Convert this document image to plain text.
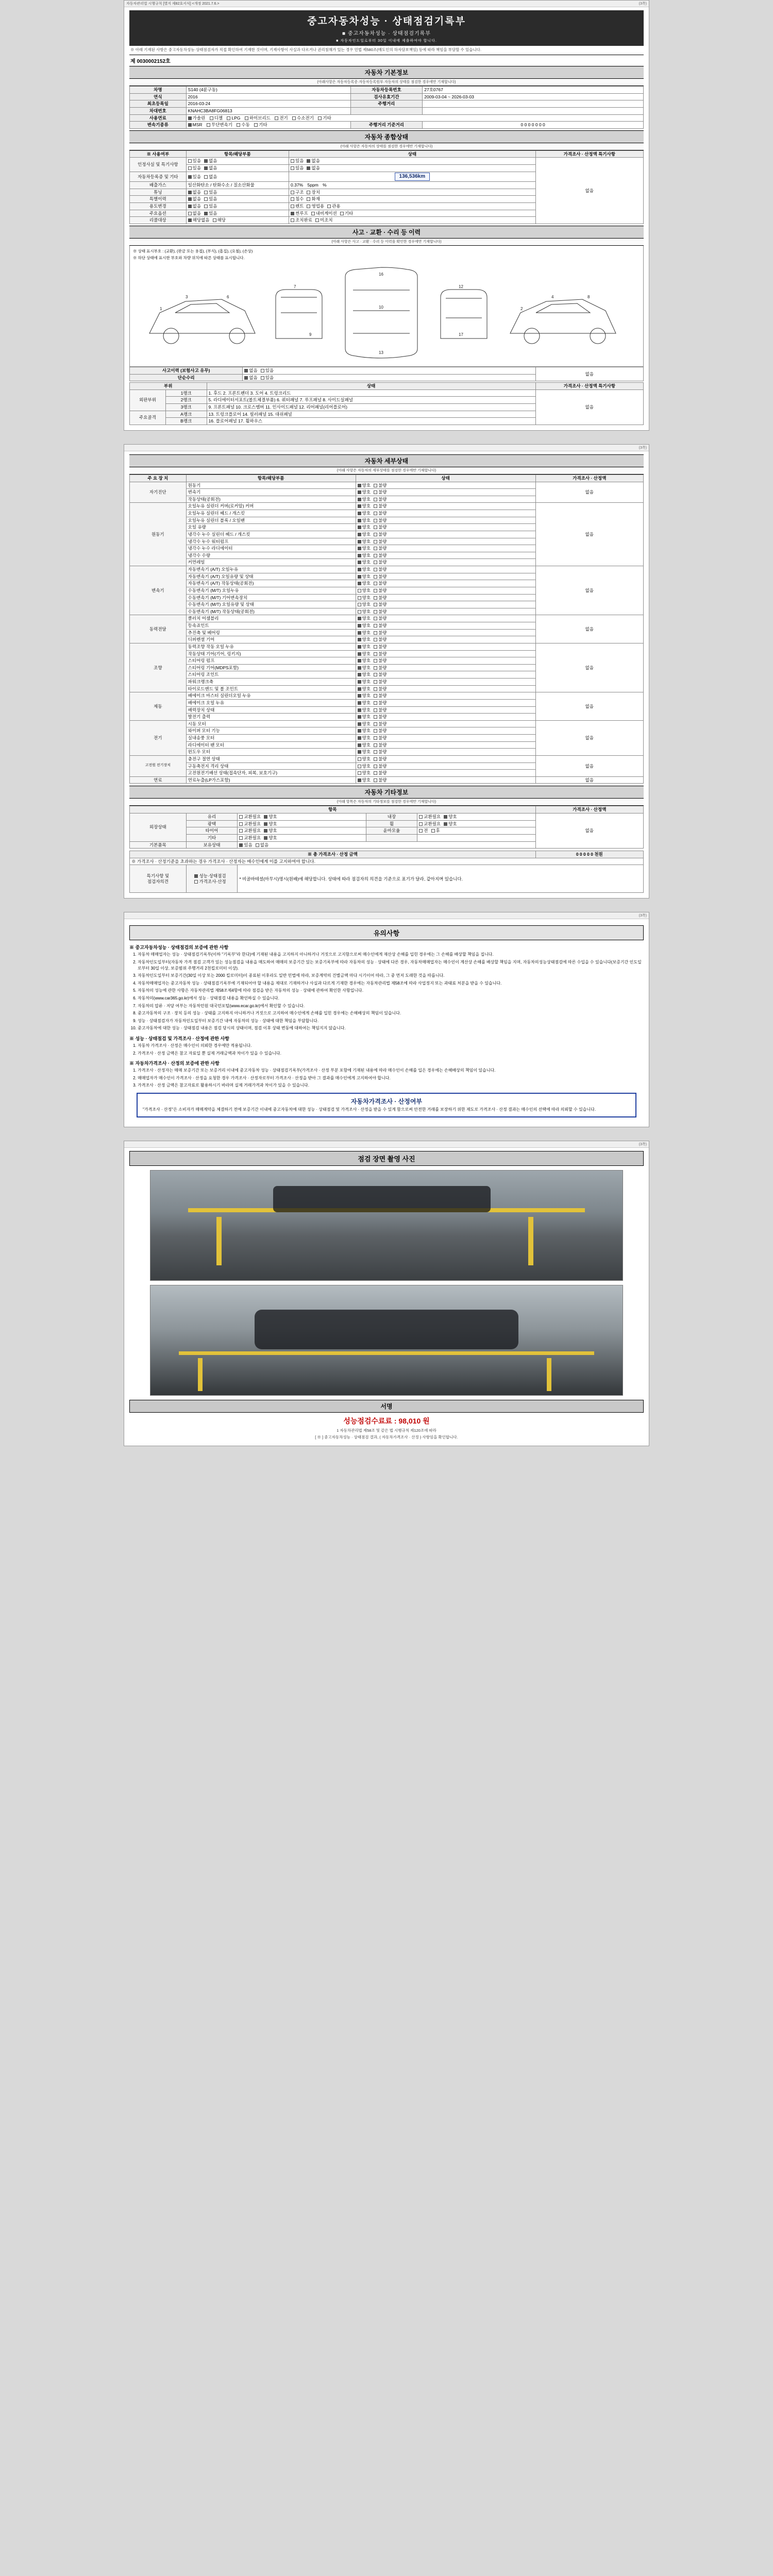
자동차관리법 시행규칙 [별지 제82호서식] <개정 2021.7.6.>	(3쪽)
중고자동차성능 · 상태점검기록부
■ 중고자동차성능 · 상태점검기록부
■ 자동차인도일로부터 30일 이내에 제출하여야 합니다.
※ 아래 기재된 사항은 중고자동차성능·상태점검자가 직접 확인하여 기재한 것이며, 기재사항이 사실과 다르거나 권리침해가 있는 경우 민법 제580조(매도인의 하자담보책임) 등에 따라 책임을 부담할 수 있습니다.
제 0030002152호
자동차 기본정보
(아래사항은 자동차등록증·자동차등록원부·자동차의 상태를 점검한 경우에만 기재합니다)
차명	S140 (4륜구동)	자동차등록번호	27호0767
연식	2016	검사유효기간	2009-03-04 ~ 2026-03-03
최초등록일	2016-03-24	주행거리	
차대번호	KNAHC3BA8FG06813		
사용연료	가솔린 디젤 LPG 하이브리드 전기 수소전기 기타		
변속기종류	MSR 무단변속기 수동 기타	주행거리 기준거리	0 0 0 0 0 0 0
자동차 종합상태
(아래 사항은 자동차의 상태를 점검한 경우에만 기재합니다)
※ 사용여부	항목/해당부품	상태	가격조사 · 산정액 특기사항
인정사실 및 특기사항	있음 없음	있음 없음	없음
	있음 없음	있음 없음	
자동차등록증 및 기타	있음 없음	136,536km	
배출가스	일산화탄소 / 탄화수소 / 질소산화물	0.37% 5ppm %	
튜닝	없음 있음	구조 장치	
특별이력	없음 있음	침수 화재	
용도변경	없음 있음	렌트 영업용 관용	
주요옵션	없음 있음	썬루프 내비게이션 기타	
리콜대상	해당없음 해당	조치완료 미조치	
사고 · 교환 · 수리 등 이력
(아래 사항은 사고 · 교환 · 수리 등 이력을 확인한 경우에만 기재합니다)
※ 상태 표시부호 : (교환), (판금 또는 용접), (부식), (흠집), (요철), (손상)
※ 하단 상태에 표시한 부호와 차량 위치에 따른 상태를 표시합니다.
1
3	6
7
9
16
10
13
12
17
2
4	8
사고이력 (보험사고 유무)	없음 있음	없음
단순수리	없음 있음	
부위		상태	가격조사 · 산정액 특기사항
외판부위	1랭크	1. 후드 2. 프론트펜더 3. 도어 4. 트렁크리드	없음
	2랭크	5. 라디에이터서포트(볼트체결부품) 6. 쿼터패널 7. 루프패널 8. 사이드실패널	
	3랭크	9. 프론트패널 10. 크로스멤버 11. 인사이드패널 12. 리어패널(리어플로어)	
주요골격	A랭크	13. 트렁크플로어 14. 필러패널 15. 대쉬패널	
	B랭크	16. 플로어패널 17. 휠하우스	
(3쪽)
자동차 세부상태
(아래 사항은 자동차의 세부상태를 점검한 경우에만 기재합니다)
주 요 장 치	항목/해당부품	상태	가격조사 · 산정액
자기진단	원동기	양호 불량	없음
	변속기	양호 불량	
	작동상태(공회전)	양호 불량	
원동기	오일누유 실린더 커버(로커암) 커버	양호 불량	없음
	오일누유 실린더 헤드 / 개스킷	양호 불량	
	오일누유 실린더 블록 / 오일팬	양호 불량	
	오일 유량	양호 불량	
	냉각수 누수 실린더 헤드 / 개스킷	양호 불량	
	냉각수 누수 워터펌프	양호 불량	
	냉각수 누수 라디에이터	양호 불량	
	냉각수 수량	양호 불량	
	커먼레일	양호 불량	
변속기	자동변속기 (A/T) 오일누유	양호 불량	없음
	자동변속기 (A/T) 오일유량 및 상태	양호 불량	
	자동변속기 (A/T) 작동상태(공회전)	양호 불량	
	수동변속기 (M/T) 오일누유	양호 불량	
	수동변속기 (M/T) 기어변속장치	양호 불량	
	수동변속기 (M/T) 오일유량 및 상태	양호 불량	
	수동변속기 (M/T) 작동상태(공회전)	양호 불량	
동력전달	클러치 어셈블리	양호 불량	없음
	등속죠인트	양호 불량	
	추진축 및 베어링	양호 불량	
	디퍼렌셜 기어	양호 불량	
조향	동력조향 작동 오일 누유	양호 불량	없음
	작동상태 기어(기어, 링키지)	양호 불량	
	스티어링 펌프	양호 불량	
	스티어링 기어(MDPS포함)	양호 불량	
	스티어링 조인트	양호 불량	
	파워크랭크축	양호 불량	
	타이로드엔드 및 볼 조인트	양호 불량	
제동	배에이크 마스터 실린더오일 누유	양호 불량	없음
	배에이크 오일 누유	양호 불량	
	배력장치 상태	양호 불량	
	발전기 출력	양호 불량	
전기	시동 모터	양호 불량	없음
	와이퍼 모터 기능	양호 불량	
	실내송풍 모터	양호 불량	
	라디에이터 팬 모터	양호 불량	
	윈도우 모터	양호 불량	
고전원 전기장치	충전구 절연 상태	양호 불량	없음
	구동축전지 격리 상태	양호 불량	
	고전원전기배선 상태(접속단자, 피복, 보호기구)	양호 불량	
연료	연료누출(LP가스포함)	양호 불량	없음
자동차 기타정보
(아래 항목은 자동차의 기타정보를 점검한 경우에만 기재합니다)
항목					가격조사 · 산정액
외장상태	유리	교환필요 양호	내장	교환필요 양호	없음
	광택	교환필요 양호	휠	교환필요 양호	
	타이어	교환필요 양호	윤마모율	전 후	
	기타	교환필요 양호			
기본품목	보유상태	있음 없음			
※ 총 가격조사 · 산정 금액			0 0 0 0 0 천원
※ 가격조사 · 산정기준을 초과하는 경우 가격조사 · 산정자는 매수인에게 이를 고지하여야 합니다.			
특기사항 및
점검자의견	성능·상태점검 가격조사·산정	* 비골바테셜(마무시)명시(원배)에 해당합니다. 상태에 따라 점검자의 의견을 기준으로 표기가 달라, 같아지며 있습니다.
(3쪽)
유의사항
※ 중고자동차성능 · 상태점검의 보증에 관한 사항
1. 자동차 매매업자는 성능 · 상태점검기록부(이하 "기록부"라 한다)에 기재된 내용을 고지하지 아니하거나 거짓으로 고지함으로써 매수인에게 재산상 손해를 입힌 경우에는 그 손해를 배상할 책임을 집니다.
2. 자동차인도일부터(자동차 가격 점검 고객가 있는 성능점검을 내용을 매도하여 매매의 보증기간 있는 보증기록부에 따라 자동차의 성능 · 상태에 다른 경우, 자동차매매업자는 매수인이 계산상 손해를 배상할 책임을 지며, 자동차의성능상태점검에 따른 수입을 수 있습니다(보증기간 인도일로부터 30일 이상, 보증범위 주행거리 2천킬로미터 이상).
3. 자동차인도일부터 보증기간(30일 이상 또는 2000 킬로미터)이 종료된 이후라도 일반 민법에 따라, 보증계약의 건별금액 마다 시기이어 따라, 그 중 먼저 도래한 것을 따릅니다.
4. 자동차매매업자는 중고자동차 성능 · 상태점검기록부에 기재되어야 할 내용을 제대로 기재하거나 사실과 다르게 기재한 경우에는 자동차관리법 제58조에 따라 사업정지 또는 과태료 처분을 받을 수 있습니다.
5. 자동차의 성능에 관한 사항은 자동차관리법 제58조제4항에 따라 점검을 받은 자동차의 성능 · 상태에 관하여 확인한 사항입니다.
6. 자동차의(www.car365.go.kr)에서 성능 · 상태점검 내용을 확인하실 수 있습니다.
7. 자동차의 압류 · 저당 여부는 자동차민원 대국민포털(www.ecar.go.kr)에서 확인할 수 있습니다.
8. 중고자동차의 구조 · 장치 등의 성능 · 상태를 고지하지 아니하거나 거짓으로 고지하여 매수인에게 손해를 입힌 경우에는 손해배상의 책임이 있습니다.
9. 성능 · 상태점검자가 자동차인도일부터 보증기간 내에 자동차의 성능 · 상태에 대한 책임을 부담합니다.
10. 중고자동차에 대한 성능 · 상태점검 내용은 점검 당시의 상태이며, 점검 이후 상태 변동에 대하여는 책임지지 않습니다.
※ 성능 · 상태점검 및 가격조사 · 산정에 관한 사항
1. 자동차 가격조사 · 산정은 매수인이 의뢰한 경우에만 적용됩니다.
2. 가격조사 · 산정 금액은 참고 자료일 뿐 실제 거래금액과 차이가 있을 수 있습니다.
※ 자동차가격조사 · 산정의 보증에 관한 사항
1. 가격조사 · 산정자는 매매 보증기간 또는 보증거리 이내에 중고자동차 성능 · 상태점검기록부(가격조사 · 산정 부분 포함에 기재된 내용에 따라 매수인이 손해를 입은 경우에는 손해배상의 책임이 있습니다.
2. 매매업자가 매수인이 가격조사 · 산정을 요청한 경우 가격조사 · 산정자로부터 가격조사 · 산정을 받아 그 결과를 매수인에게 고지하여야 합니다.
3. 가격조사 · 산정 금액은 참고자료로 활용하시기 바라며 실제 거래가격과 차이가 있을 수 있습니다.
자동차가격조사 · 산정여부

"가격조사 · 산정"은 소비자가 매매계약을 체결하기 전에 보증기간 이내에 중고자동차에 대한 성능 · 상태점검 및 가격조사 · 산정을 받을 수 있게 함으로써 안전한 거래를 보장하기 위한 제도로 가격조사 · 산정 결과는 매수인의 선택에 따라 의뢰할 수 있습니다.

(3쪽)
점검 장면 촬영 사진
서명
성능점검수료료 : 98,010 원
1 자동차관리법 제58조 및 같은 법 시행규칙 제120조에 따라
[ ※ ] 중고자동차성능 · 상태점검 결과, ( 자동차가격조사 · 산정 ) 사항임을 확인합니다.
